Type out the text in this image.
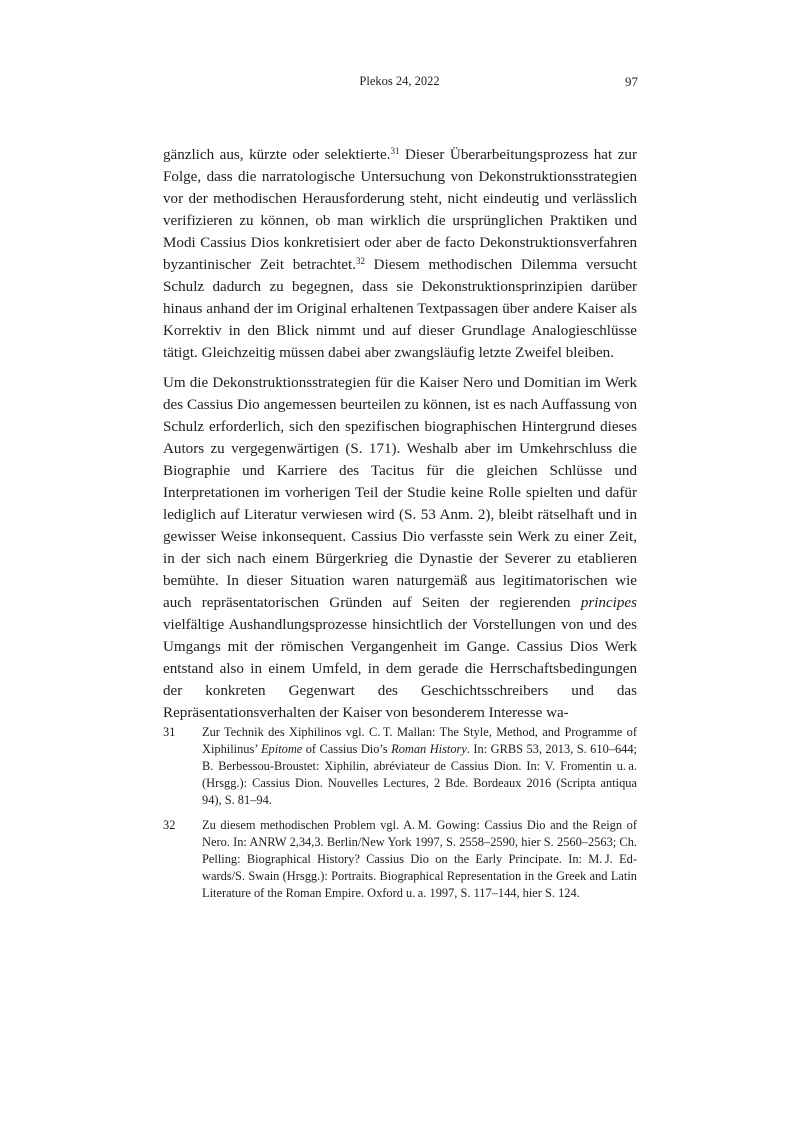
Plekos 24, 2022	97

gänzlich aus, kürzte oder selektierte.$^{31}$ Dieser Überarbeitungsprozess hat zur Folge, dass die narratologische Untersuchung von Dekonstruktionsstrategien vor der methodischen Herausforderung steht, nicht eindeutig und verlässlich verifizieren zu können, ob man wirklich die ursprünglichen Praktiken und Modi Cassius Dios konkretisiert oder aber de facto Dekonstruktionsverfahren byzantinischer Zeit betrachtet.$^{32}$ Diesem methodischen Dilemma versucht Schulz dadurch zu begegnen, dass sie Dekonstruktionsprinzipien darüber hinaus anhand der im Original erhaltenen Textpassagen über andere Kaiser als Korrektiv in den Blick nimmt und auf dieser Grundlage Analogieschlüsse tätigt. Gleichzeitig müssen dabei aber zwangsläufig letzte Zweifel bleiben.

Um die Dekonstruktionsstrategien für die Kaiser Nero und Domitian im Werk des Cassius Dio angemessen beurteilen zu können, ist es nach Auffassung von Schulz erforderlich, sich den spezifischen biographischen Hintergrund dieses Autors zu vergegenwärtigen (S. 171). Weshalb aber im Umkehrschluss die Biographie und Karriere des Tacitus für die gleichen Schlüsse und Interpretationen im vorherigen Teil der Studie keine Rolle spielten und dafür lediglich auf Literatur verwiesen wird (S. 53 Anm. 2), bleibt rätselhaft und in gewisser Weise inkonsequent. Cassius Dio verfasste sein Werk zu einer Zeit, in der sich nach einem Bürgerkrieg die Dynastie der Severer zu etablieren bemühte. In dieser Situation waren naturgemäß aus legitimatorischen wie auch repräsentatorischen Gründen auf Seiten der regierenden principes vielfältige Aushandlungsprozesse hinsichtlich der Vorstellungen von und des Umgangs mit der römischen Vergangenheit im Gange. Cassius Dios Werk entstand also in einem Umfeld, in dem gerade die Herrschaftsbedingungen der konkreten Gegenwart des Geschichtsschreibers und das Repräsentationsverhalten der Kaiser von besonderem Interesse wa-

31 Zur Technik des Xiphilinos vgl. C. T. Mallan: The Style, Method, and Programme of Xiphilinus’ Epitome of Cassius Dio’s Roman History. In: GRBS 53, 2013, S. 610–644; B. Berbessou-Broustet: Xiphilin, abréviateur de Cassius Dion. In: V. Fromentin u. a. (Hrsgg.): Cassius Dion. Nouvelles Lectures, 2 Bde. Bordeaux 2016 (Scripta antiqua 94), S. 81–94.
32 Zu diesem methodischen Problem vgl. A. M. Gowing: Cassius Dio and the Reign of Nero. In: ANRW 2,34,3. Berlin/New York 1997, S. 2558–2590, hier S. 2560–2563; Ch. Pelling: Biographical History? Cassius Dio on the Early Principate. In: M. J. Edwards/S. Swain (Hrsgg.): Portraits. Biographical Representation in the Greek and Latin Literature of the Roman Empire. Oxford u. a. 1997, S. 117–144, hier S. 124.
